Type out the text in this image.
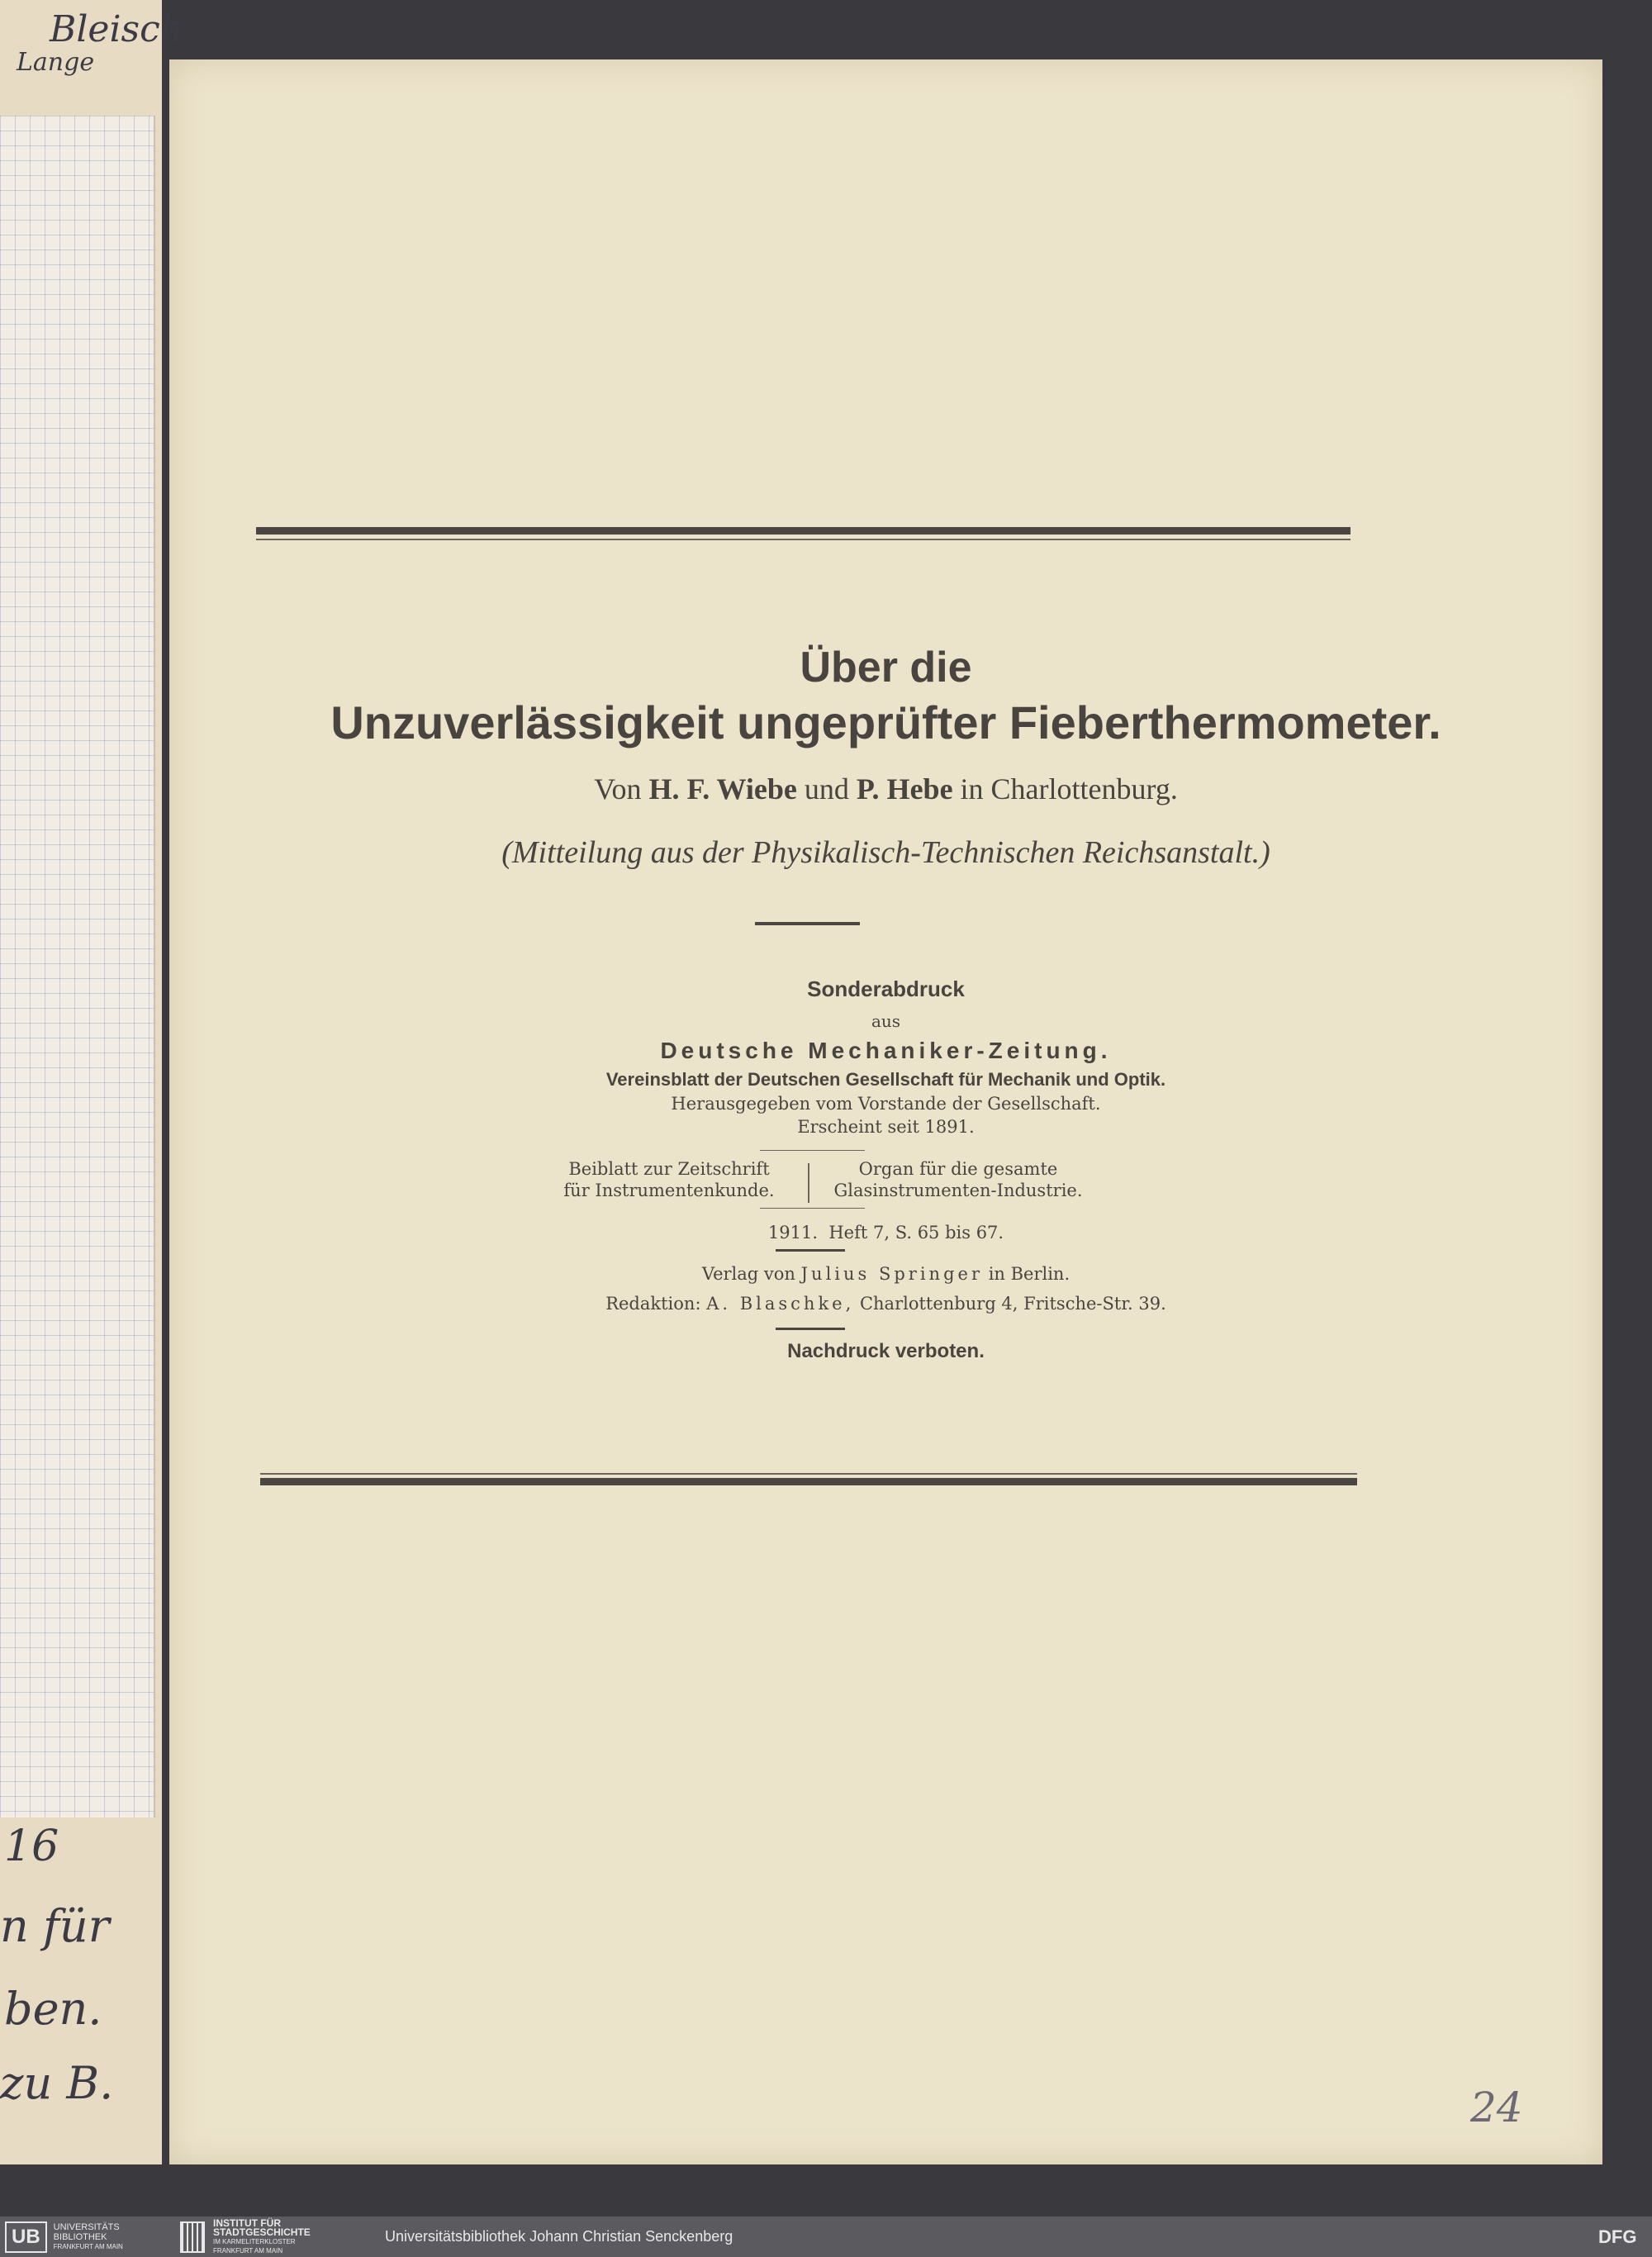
Bleisch
Lange
16
n für
ben.
zu B.
Über die
Unzuverlässigkeit ungeprüfter Fieberthermometer.
Von H. F. Wiebe und P. Hebe in Charlottenburg.
(Mitteilung aus der Physikalisch-Technischen Reichsanstalt.)
Sonderabdruck
aus
Deutsche Mechaniker-Zeitung.
Vereinsblatt der Deutschen Gesellschaft für Mechanik und Optik.
Herausgegeben vom Vorstande der Gesellschaft.
Erscheint seit 1891.
Beiblatt zur Zeitschrift
für Instrumentenkunde.
Organ für die gesamte
Glasinstrumenten-Industrie.
1911.  Heft 7, S. 65 bis 67.
Verlag von Julius Springer in Berlin.
Redaktion: A. Blaschke, Charlottenburg 4, Fritsche-Str. 39.
Nachdruck verboten.
24
UB	UNIVERSITÄTS
BIBLIOTHEK
FRANKFURT AM MAIN
INSTITUT FÜR
STADTGESCHICHTE
IM KARMELITERKLOSTER
FRANKFURT AM MAIN
Universitätsbibliothek Johann Christian Senckenberg	DFG
